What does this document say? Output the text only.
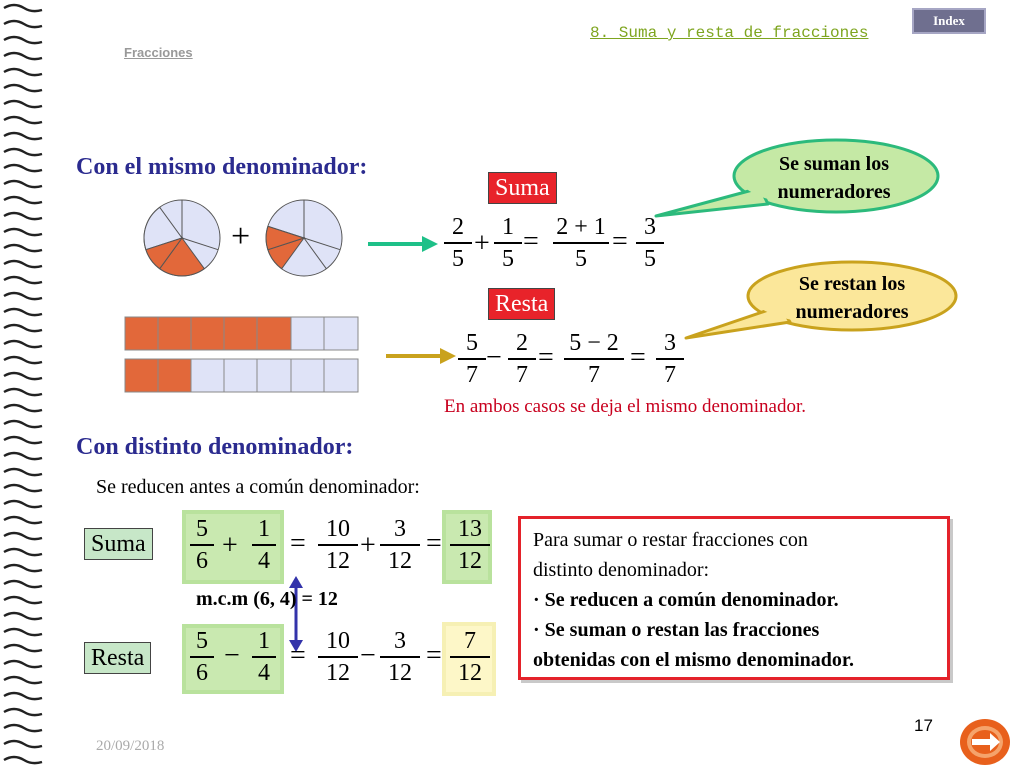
8. Suma y resta de fracciones
Fracciones
Index
Con el mismo denominador:
+
Suma
2
5 +
1
5
= 2 + 1
5
= 3
5
Se suman los
numeradores
Resta
5
7
− 2
7
= 5 − 2
7
= 3
7
Se restan los
numeradores
En ambos casos se deja el mismo denominador.
Con distinto denominador:
Se reducen antes a común denominador:
Suma
Resta
5
6 +
1
4
= 10
12 +
3
12
= 13
12
m.c.m (6, 4) = 12
5
6
− 1
4
= 10
12
− 3
12
= 7
12
Para sumar o restar fracciones con
distinto denominador:
· Se reducen a común denominador.
· Se suman o restan las fracciones
obtenidas con el mismo denominador.
17
20/09/2018
